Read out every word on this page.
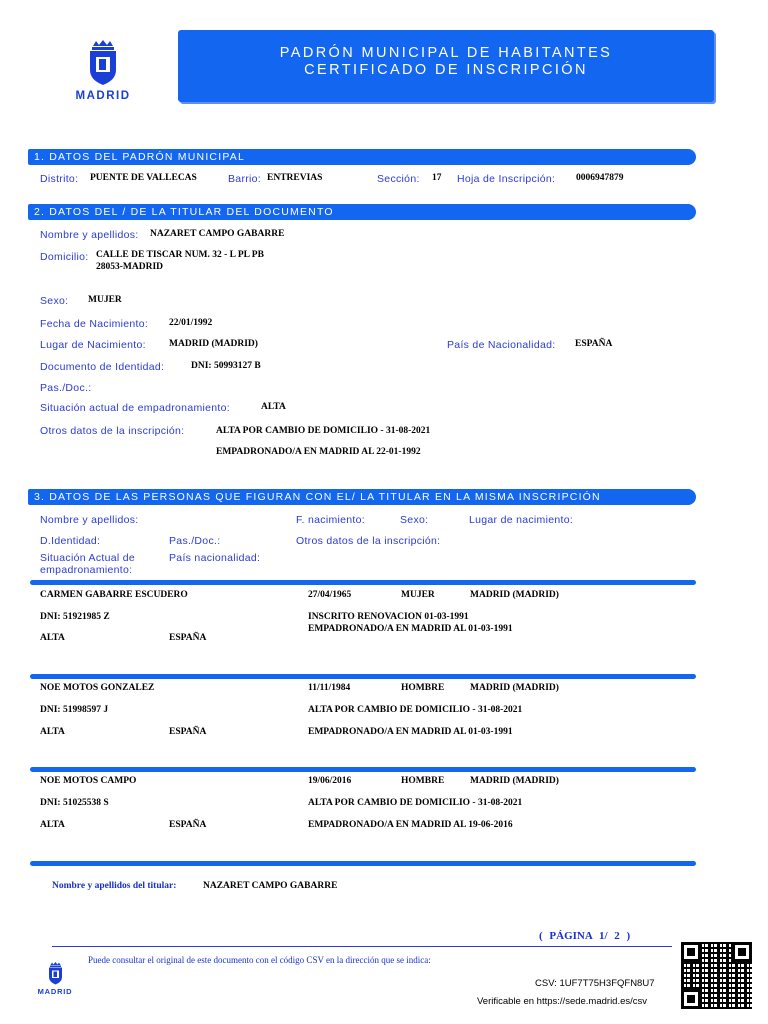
MADRID
PADRÓN MUNICIPAL DE HABITANTES
CERTIFICADO DE INSCRIPCIÓN
1. DATOS DEL PADRÓN MUNICIPAL
Distrito: PUENTE DE VALLECAS	Barrio: ENTREVIAS	Sección: 17 Hoja de Inscripción: 0006947879
2. DATOS DEL / DE LA TITULAR DEL DOCUMENTO
Nombre y apellidos: NAZARET CAMPO GABARRE
Domicilio: CALLE DE TISCAR NUM. 32 - L PL PB
28053-MADRID
Sexo: MUJER
Fecha de Nacimiento: 22/01/1992
Lugar de Nacimiento: MADRID (MADRID)	País de Nacionalidad: ESPAÑA
Documento de Identidad:	DNI: 50993127 B
Pas./Doc.:
Situación actual de empadronamiento:	ALTA
Otros datos de la inscripción:	ALTA POR CAMBIO DE DOMICILIO - 31-08-2021
EMPADRONADO/A EN MADRID AL 22-01-1992
3. DATOS DE LAS PERSONAS QUE FIGURAN CON EL/ LA TITULAR EN LA MISMA INSCRIPCIÓN
Nombre y apellidos:	F. nacimiento:	Sexo:	Lugar de nacimiento:
D.Identidad:	Pas./Doc.:	Otros datos de la inscripción:
Situación Actual de
empadronamiento:
País nacionalidad:
CARMEN GABARRE ESCUDERO	27/04/1965	MUJER	MADRID (MADRID)
DNI: 51921985 Z	INSCRITO RENOVACION 01-03-1991
EMPADRONADO/A EN MADRID AL 01-03-1991
ALTA	ESPAÑA
NOE MOTOS GONZALEZ	11/11/1984	HOMBRE	MADRID (MADRID)
DNI: 51998597 J	ALTA POR CAMBIO DE DOMICILIO - 31-08-2021
ALTA	ESPAÑA	EMPADRONADO/A EN MADRID AL 01-03-1991
NOE MOTOS CAMPO	19/06/2016	HOMBRE	MADRID (MADRID)
DNI: 51025538 S	ALTA POR CAMBIO DE DOMICILIO - 31-08-2021
ALTA	ESPAÑA	EMPADRONADO/A EN MADRID AL 19-06-2016
Nombre y apellidos del titular:	NAZARET CAMPO GABARRE
( PÁGINA 1/ 2 )
MADRID
Puede consultar el original de este documento con el código CSV en la dirección que se indica:
CSV: 1UF7T75H3FQFN8U7
Verificable en https://sede.madrid.es/csv
